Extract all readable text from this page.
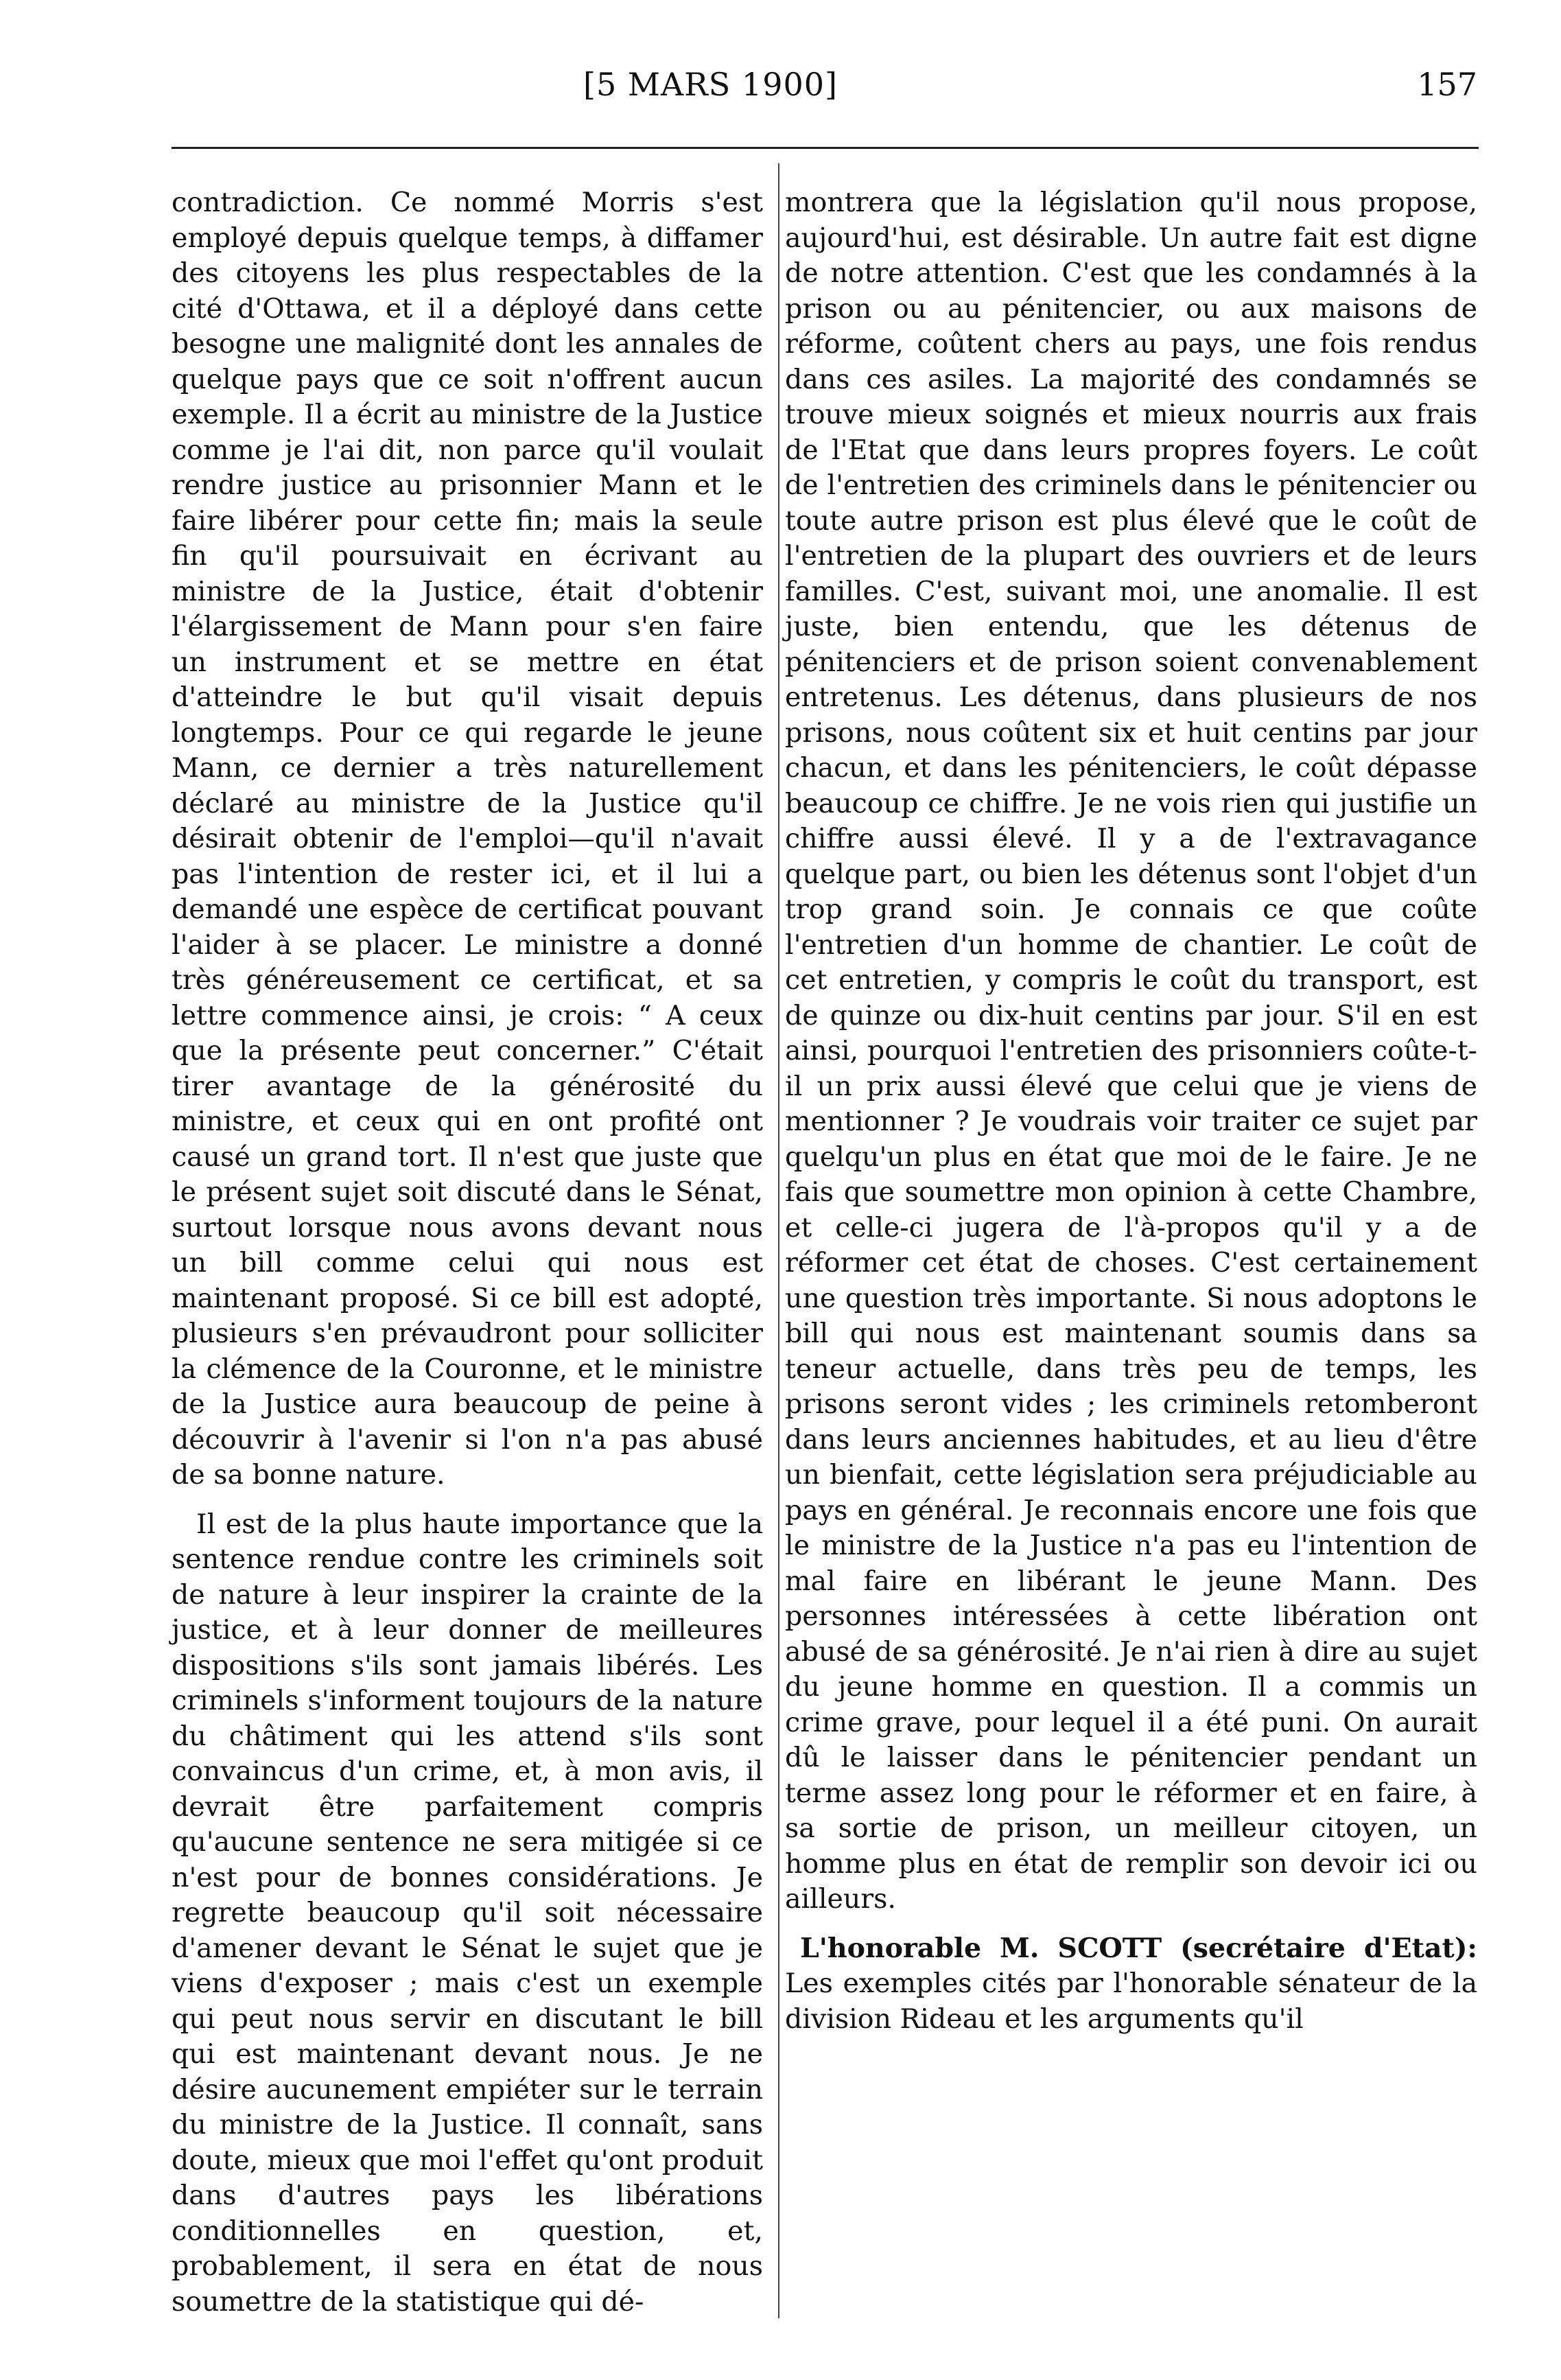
[5 MARS 1900]	157

contradiction. Ce nommé Morris s'est employé depuis quelque temps, à diffamer des citoyens les plus respectables de la cité d'Ottawa, et il a déployé dans cette besogne une malignité dont les annales de quelque pays que ce soit n'offrent aucun exemple. Il a écrit au ministre de la Justice comme je l'ai dit, non parce qu'il voulait rendre justice au prisonnier Mann et le faire libérer pour cette fin; mais la seule fin qu'il poursuivait en écrivant au ministre de la Justice, était d'obtenir l'élargissement de Mann pour s'en faire un instrument et se mettre en état d'atteindre le but qu'il visait depuis longtemps. Pour ce qui regarde le jeune Mann, ce dernier a très naturellement déclaré au ministre de la Justice qu'il désirait obtenir de l'emploi—qu'il n'avait pas l'intention de rester ici, et il lui a demandé une espèce de certificat pouvant l'aider à se placer. Le ministre a donné très généreusement ce certificat, et sa lettre commence ainsi, je crois: “ A ceux que la présente peut concerner.” C'était tirer avantage de la générosité du ministre, et ceux qui en ont profité ont causé un grand tort. Il n'est que juste que le présent sujet soit discuté dans le Sénat, surtout lorsque nous avons devant nous un bill comme celui qui nous est maintenant proposé. Si ce bill est adopté, plusieurs s'en prévaudront pour solliciter la clémence de la Couronne, et le ministre de la Justice aura beaucoup de peine à découvrir à l'avenir si l'on n'a pas abusé de sa bonne nature.

Il est de la plus haute importance que la sentence rendue contre les criminels soit de nature à leur inspirer la crainte de la justice, et à leur donner de meilleures dispositions s'ils sont jamais libérés. Les criminels s'informent toujours de la nature du châtiment qui les attend s'ils sont convaincus d'un crime, et, à mon avis, il devrait être parfaitement compris qu'aucune sentence ne sera mitigée si ce n'est pour de bonnes considérations. Je regrette beaucoup qu'il soit nécessaire d'amener devant le Sénat le sujet que je viens d'exposer ; mais c'est un exemple qui peut nous servir en discutant le bill qui est maintenant devant nous. Je ne désire aucunement empiéter sur le terrain du ministre de la Justice. Il connaît, sans doute, mieux que moi l'effet qu'ont produit dans d'autres pays les libérations conditionnelles en question, et, probablement, il sera en état de nous soumettre de la statistique qui dé-

montrera que la législation qu'il nous propose, aujourd'hui, est désirable. Un autre fait est digne de notre attention. C'est que les condamnés à la prison ou au pénitencier, ou aux maisons de réforme, coûtent chers au pays, une fois rendus dans ces asiles. La majorité des condamnés se trouve mieux soignés et mieux nourris aux frais de l'Etat que dans leurs propres foyers. Le coût de l'entretien des criminels dans le pénitencier ou toute autre prison est plus élevé que le coût de l'entretien de la plupart des ouvriers et de leurs familles. C'est, suivant moi, une anomalie. Il est juste, bien entendu, que les détenus de pénitenciers et de prison soient convenablement entretenus. Les détenus, dans plusieurs de nos prisons, nous coûtent six et huit centins par jour chacun, et dans les pénitenciers, le coût dépasse beaucoup ce chiffre. Je ne vois rien qui justifie un chiffre aussi élevé. Il y a de l'extravagance quelque part, ou bien les détenus sont l'objet d'un trop grand soin. Je connais ce que coûte l'entretien d'un homme de chantier. Le coût de cet entretien, y compris le coût du transport, est de quinze ou dix-huit centins par jour. S'il en est ainsi, pourquoi l'entretien des prisonniers coûte-t-il un prix aussi élevé que celui que je viens de mentionner ? Je voudrais voir traiter ce sujet par quelqu'un plus en état que moi de le faire. Je ne fais que soumettre mon opinion à cette Chambre, et celle-ci jugera de l'à-propos qu'il y a de réformer cet état de choses. C'est certainement une question très importante. Si nous adoptons le bill qui nous est maintenant soumis dans sa teneur actuelle, dans très peu de temps, les prisons seront vides ; les criminels retomberont dans leurs anciennes habitudes, et au lieu d'être un bienfait, cette législation sera préjudiciable au pays en général. Je reconnais encore une fois que le ministre de la Justice n'a pas eu l'intention de mal faire en libérant le jeune Mann. Des personnes intéressées à cette libération ont abusé de sa générosité. Je n'ai rien à dire au sujet du jeune homme en question. Il a commis un crime grave, pour lequel il a été puni. On aurait dû le laisser dans le pénitencier pendant un terme assez long pour le réformer et en faire, à sa sortie de prison, un meilleur citoyen, un homme plus en état de remplir son devoir ici ou ailleurs.

L'honorable M. SCOTT (secrétaire d'Etat): Les exemples cités par l'honorable sénateur de la division Rideau et les arguments qu'il
